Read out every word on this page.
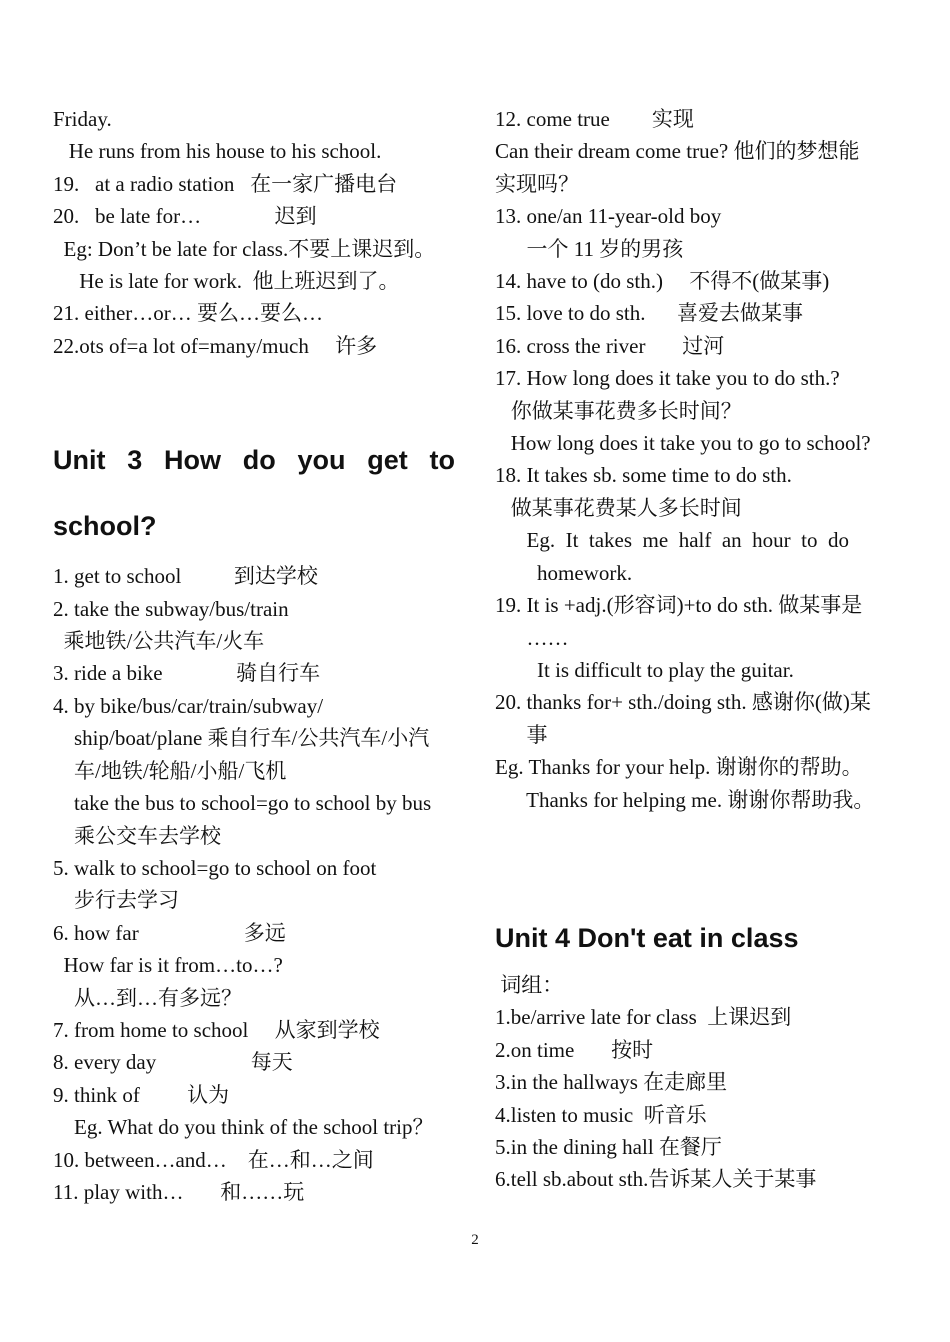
Friday.
He runs from his house to his school.
19.   at a radio station   在一家广播电台
20.   be late for…              迟到
Eg: Don’t be late for class.不要上课迟到。
He is late for work.  他上班迟到了。
21. either…or… 要么…要么…
22.ots of=a lot of=many/much     许多
Unit 3 How do you get to
school?
1. get to school          到达学校
2. take the subway/bus/train
乘地铁/公共汽车/火车
3. ride a bike              骑自行车
4. by bike/bus/car/train/subway/
ship/boat/plane 乘自行车/公共汽车/小汽
车/地铁/轮船/小船/飞机
take the bus to school=go to school by bus
乘公交车去学校
5. walk to school=go to school on foot
步行去学习
6. how far                    多远
How far is it from…to…?
从…到…有多远？
7. from home to school     从家到学校
8. every day                  每天
9. think of         认为
Eg. What do you think of the school trip？
10. between…and…    在…和…之间
11. play with…       和……玩
12. come true        实现
Can their dream come true? 他们的梦想能
实现吗？
13. one/an 11-year-old boy
一个 11 岁的男孩
14. have to (do sth.)     不得不(做某事)
15. love to do sth.      喜爱去做某事
16. cross the river       过河
17. How long does it take you to do sth.?
你做某事花费多长时间？
How long does it take you to go to school?
18. It takes sb. some time to do sth.
做某事花费某人多长时间
Eg.  It  takes  me  half  an  hour  to  do
homework.
19. It is +adj.(形容词)+to do sth. 做某事是
……
It is difficult to play the guitar.
20. thanks for+ sth./doing sth. 感谢你(做)某
事
Eg. Thanks for your help. 谢谢你的帮助。
Thanks for helping me. 谢谢你帮助我。
Unit 4 Don't eat in class
词组：
1.be/arrive late for class  上课迟到
2.on time       按时
3.in the hallways 在走廊里
4.listen to music  听音乐
5.in the dining hall 在餐厅
6.tell sb.about sth.告诉某人关于某事
2
